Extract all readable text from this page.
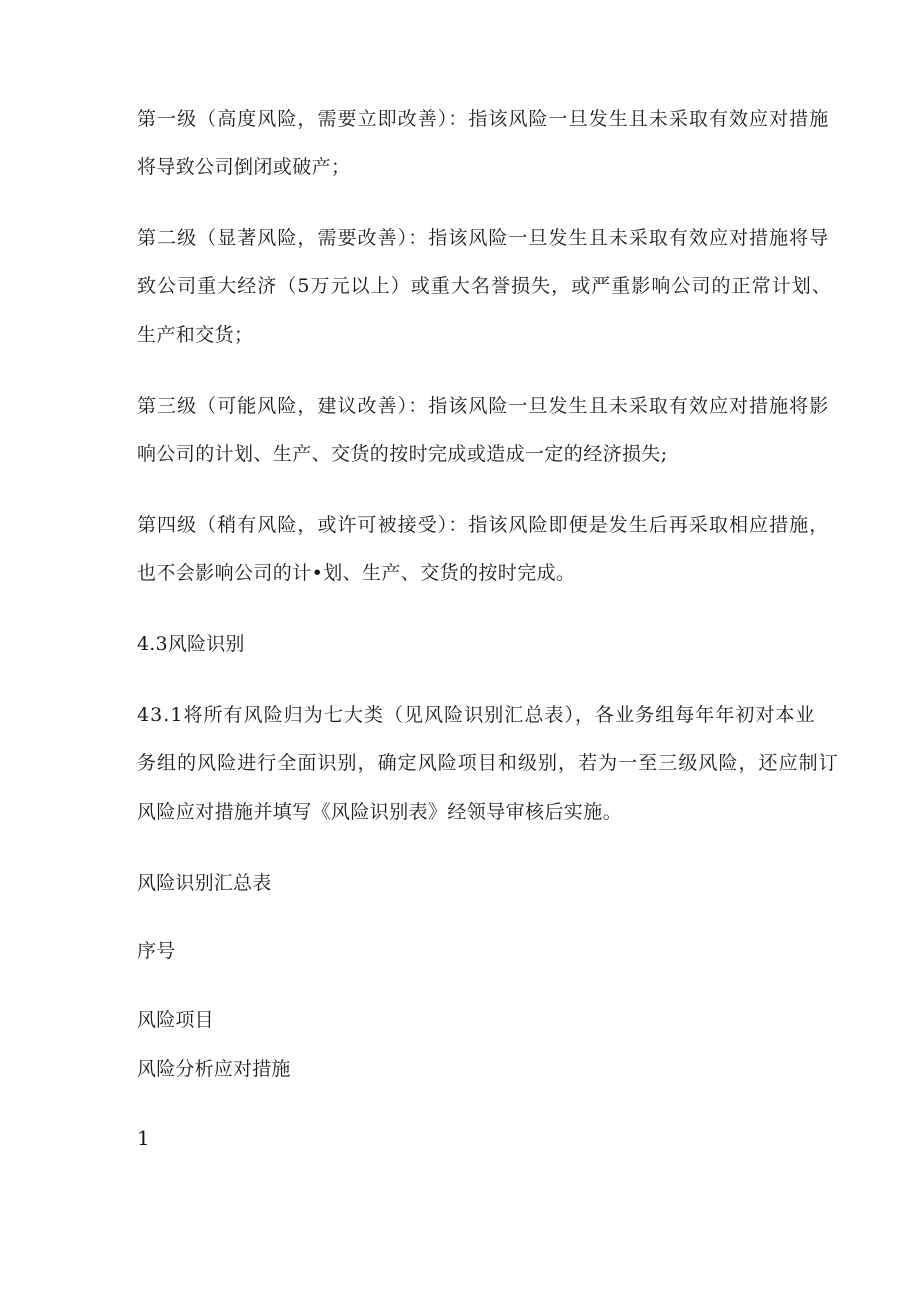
第一级（高度风险，需要立即改善）：指该风险一旦发生且未采取有效应对措施
将导致公司倒闭或破产；
第二级（显著风险，需要改善）：指该风险一旦发生且未采取有效应对措施将导
致公司重大经济（5万元以上）或重大名誉损失，或严重影响公司的正常计划、
生产和交货；
第三级（可能风险，建议改善）：指该风险一旦发生且未采取有效应对措施将影
响公司的计划、生产、交货的按时完成或造成一定的经济损失;
第四级（稍有风险，或许可被接受）：指该风险即便是发生后再采取相应措施，
也不会影响公司的计•划、生产、交货的按时完成。
4.3风险识别
43.1将所有风险归为七大类（见风险识别汇总表），各业务组每年年初对本业
务组的风险进行全面识别，确定风险项目和级别，若为一至三级风险，还应制订
风险应对措施并填写《风险识别表》经领导审核后实施。
风险识别汇总表
序号
风险项目
风险分析应对措施
1
